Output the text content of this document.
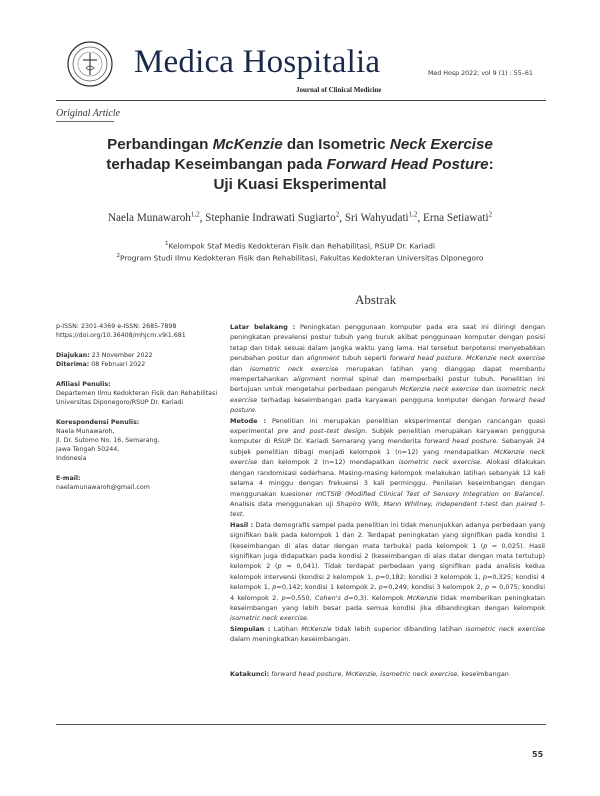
Medica Hospitalia
Journal of Clinical Medicine
Med Hosp 2022; vol 9 (1) : 55–61
Original Article
Perbandingan McKenzie dan Isometric Neck Exercise
terhadap Keseimbangan pada Forward Head Posture:
Uji Kuasi Eksperimental
Naela Munawaroh$^{1,2}$, Stephanie Indrawati Sugiarto$^2$, Sri Wahyudati$^{1,2}$, Erna Setiawati$^2$
$^1$Kelompok Staf Medis Kedokteran Fisik dan Rehabilitasi, RSUP Dr. Kariadi
$^2$Program Studi Ilmu Kedokteran Fisik dan Rehabilitasi, Fakultas Kedokteran Universitas Diponegoro
Abstrak
p-ISSN: 2301-4369 e-ISSN: 2685-7898
https://doi.org/10.36408/mhjcm.v9i1.681
Diajukan: 23 November 2022
Diterima: 08 Februari 2022
Afiliasi Penulis:
Departemen Ilmu Kedokteran Fisik dan Rehabilitasi
Universitas Diponegoro/RSUP Dr. Kariadi
Korespondensi Penulis:
Naela Munawaroh,
Jl. Dr. Sutomo No. 16, Semarang,
Jawa Tengah 50244,
Indonesia
E-mail:
naelamunawaroh@gmail.com

Latar belakang : Peningkatan penggunaan komputer pada era saat ini diiringi dengan peningkatan prevalensi postur tubuh yang buruk akibat penggunaan komputer dengan posisi tetap dan tidak sesuai dalam jangka waktu yang lama. Hal tersebut berpotensi menyebabkan perubahan postur dan alignment tubuh seperti forward head posture. McKenzie neck exercise dan isometric neck exercise merupakan latihan yang dianggap dapat membantu mempertahankan alignment normal spinal dan memperbaiki postur tubuh. Penelitian ini bertujuan untuk mengetahui perbedaan pengaruh McKenzie neck exercise dan isometric neck exercise terhadap keseimbangan pada karyawan pengguna komputer dengan forward head posture.

Metode : Penelitian ini merupakan penelitian eksperimental dengan rancangan quasi experimental pre and post–test design. Subjek penelitian merupakan karyawan pengguna komputer di RSUP Dr. Kariadi Semarang yang menderita forward head posture. Sebanyak 24 subjek penelitian dibagi menjadi kelompok 1 (n=12) yang mendapatkan McKenzie neck exercise dan kelompok 2 (n=12) mendapatkan isometric neck exercise. Alokasi dilakukan dengan randomisasi sederhana. Masing-masing kelompok melakukan latihan sebanyak 12 kali selama 4 minggu dengan frekuensi 3 kali perminggu. Penilaian keseimbangan dengan menggunakan kuesioner mCTSIB (Modified Clinical Test of Sensory Integration on Balance). Analisis data menggunakan uji Shapiro Wilk, Mann Whitney, independent t-test dan paired t-test.

Hasil : Data demografis sampel pada penelitian ini tidak menunjukkan adanya perbedaan yang signifikan baik pada kelompok 1 dan 2. Terdapat peningkatan yang signifikan pada kondisi 1 (keseimbangan di alas datar dengan mata terbuka) pada kelompok 1 (p = 0,025). Hasil signifikan juga didapatkan pada kondisi 2 (keseimbangan di alas datar dengan mata tertutup) kelompok 2 (p = 0,041). Tidak terdapat perbedaan yang signifikan pada analisis kedua kelompok intervensi (kondisi 2 kelompok 1, p=0,182; kondisi 3 kelompok 1, p=0,325; kondisi 4 kelompok 1, p=0,142; kondisi 1 kelompok 2, p=0,249; kondisi 3 kelompok 2, p = 0,075; kondisi 4 kelompok 2, p=0,550, Cohen's d=0,3). Kelompok McKenzie tidak memberikan peningkatan keseimbangan yang lebih besar pada semua kondisi jika dibandingkan dengan kelompok isometric neck exercise.

Simpulan : Latihan McKenzie tidak lebih superior dibanding latihan isometric neck exercise dalam meningkatkan keseimbangan.

Katakunci: forward head posture, McKenzie, isometric neck exercise, keseimbangan
55
